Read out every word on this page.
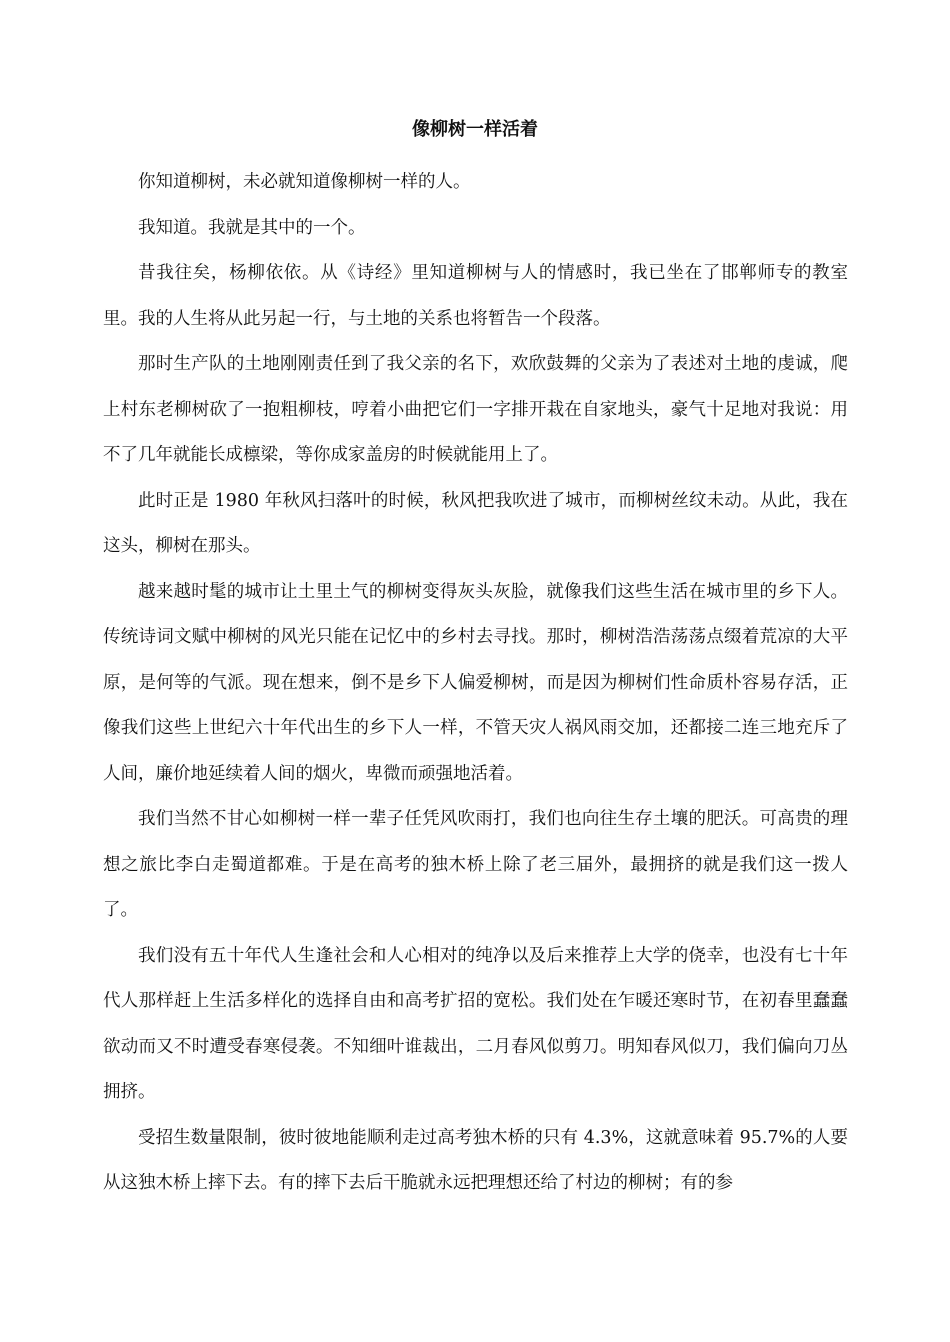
像柳树一样活着

你知道柳树，未必就知道像柳树一样的人。

我知道。我就是其中的一个。

昔我往矣，杨柳依依。从《诗经》里知道柳树与人的情感时，我已坐在了邯郸师专的教室里。我的人生将从此另起一行，与土地的关系也将暂告一个段落。

那时生产队的土地刚刚责任到了我父亲的名下，欢欣鼓舞的父亲为了表述对土地的虔诚，爬上村东老柳树砍了一抱粗柳枝，哼着小曲把它们一字排开栽在自家地头，豪气十足地对我说：用不了几年就能长成檩梁，等你成家盖房的时候就能用上了。

此时正是 1980 年秋风扫落叶的时候，秋风把我吹进了城市，而柳树丝纹未动。从此，我在这头，柳树在那头。

越来越时髦的城市让土里土气的柳树变得灰头灰脸，就像我们这些生活在城市里的乡下人。传统诗词文赋中柳树的风光只能在记忆中的乡村去寻找。那时，柳树浩浩荡荡点缀着荒凉的大平原，是何等的气派。现在想来，倒不是乡下人偏爱柳树，而是因为柳树们性命质朴容易存活，正像我们这些上世纪六十年代出生的乡下人一样，不管天灾人祸风雨交加，还都接二连三地充斥了人间，廉价地延续着人间的烟火，卑微而顽强地活着。

我们当然不甘心如柳树一样一辈子任凭风吹雨打，我们也向往生存土壤的肥沃。可高贵的理想之旅比李白走蜀道都难。于是在高考的独木桥上除了老三届外，最拥挤的就是我们这一拨人了。

我们没有五十年代人生逢社会和人心相对的纯净以及后来推荐上大学的侥幸，也没有七十年代人那样赶上生活多样化的选择自由和高考扩招的宽松。我们处在乍暖还寒时节，在初春里蠢蠢欲动而又不时遭受春寒侵袭。不知细叶谁裁出，二月春风似剪刀。明知春风似刀，我们偏向刀丛拥挤。

受招生数量限制，彼时彼地能顺利走过高考独木桥的只有 4.3%，这就意味着 95.7%的人要从这独木桥上摔下去。有的摔下去后干脆就永远把理想还给了村边的柳树；有的参
